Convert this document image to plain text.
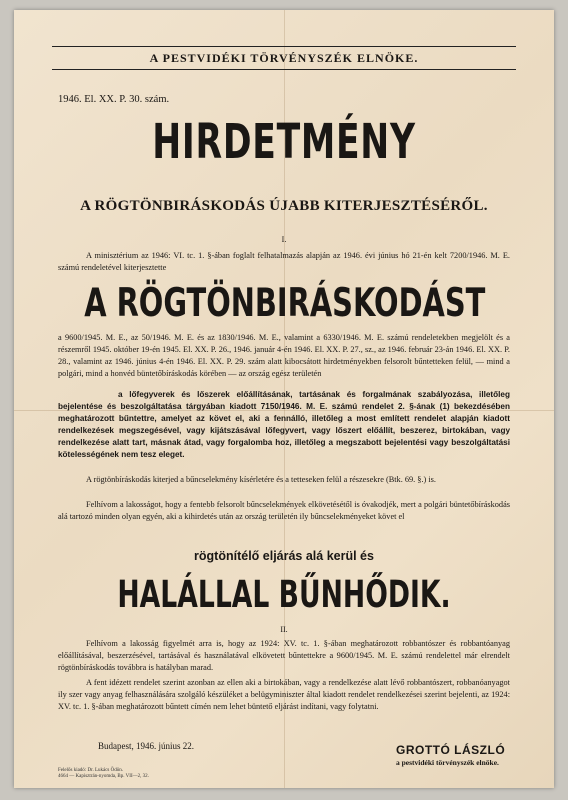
A PESTVIDÉKI TÖRVÉNYSZÉK ELNÖKE.
1946. El. XX. P. 30. szám.
HIRDETMÉNY
A RÖGTÖNBIRÁSKODÁS ÚJABB KITERJESZTÉSÉRŐL.
I.
A minisztérium az 1946: VI. tc. 1. §-ában foglalt felhatalmazás alapján az 1946. évi június hó 21-én kelt 7200/1946. M. E. számú rendeletével kiterjesztette
A RÖGTÖNBIRÁSKODÁST
a 9600/1945. M. E., az 50/1946. M. E. és az 1830/1946. M. E., valamint a 6330/1946. M. E. számú rendeletekben megjelölt és a részemről 1945. október 19-én 1945. El. XX. P. 26., 1946. január 4-én 1946. El. XX. P. 27., sz., az 1946. február 23-án 1946. El. XX. P. 28., valamint az 1946. június 4-én 1946. El. XX. P. 29. szám alatt kibocsátott hirdetményekben felsorolt bűntetteken felül, — mind a polgári, mind a honvéd büntetőbíráskodás körében — az ország egész területén
a lőfegyverek és lőszerek előállításának, tartásának és forgalmának szabályozása, illetőleg bejelentése és beszolgáltatása tárgyában kiadott 7150/1946. M. E. számú rendelet 2. §-ának (1) bekezdésében meghatározott bűntettre, amelyet az követ el, aki a fennálló, illetőleg a most említett rendelet alapján kiadott rendelkezések megszegésével, vagy kijátszásával lőfegyvert, vagy lőszert előállít, beszerez, birtokában, vagy rendelkezése alatt tart, másnak átad, vagy forgalomba hoz, illetőleg a megszabott bejelentési vagy beszolgáltatási kötelességének nem tesz eleget.
A rögtönbíráskodás kiterjed a bűncselekmény kísérletére és a tetteseken felül a részesekre (Btk. 69. §.) is.
Felhívom a lakosságot, hogy a fentebb felsorolt bűncselekmények elkövetésétől is óvakodjék, mert a polgári büntetőbíráskodás alá tartozó minden olyan egyén, aki a kihirdetés után az ország területén ily bűncselekményeket követ el
rögtönítélő eljárás alá kerül és
HALÁLLAL BŰNHŐDIK.
II.
Felhívom a lakosság figyelmét arra is, hogy az 1924: XV. tc. 1. §-ában meghatározott robbantószer és robbantóanyag előállításával, beszerzésével, tartásával és használatával elkövetett bűntettekre a 9600/1945. M. E. számú rendelettel már elrendelt rögtönbíráskodás továbbra is hatályban marad.
A fent idézett rendelet szerint azonban az ellen aki a birtokában, vagy a rendelkezése alatt lévő robbantószert, robbanóanyagot ily szer vagy anyag felhasználására szolgáló készüléket a belügyminiszter által kiadott rendelet rendelkezései szerint bejelenti, az 1924: XV. tc. 1. §-ában meghatározott bűntett címén nem lehet büntető eljárást indítani, vagy folytatni.
Budapest, 1946. június 22.	GROTTÓ LÁSZLÓ
a pestvidéki törvényszék elnöke.
Felelős kiadó: Dr. Lukács Ödön.
4664 — Kapisztrán-nyomda, Bp. VII—2, 32.
